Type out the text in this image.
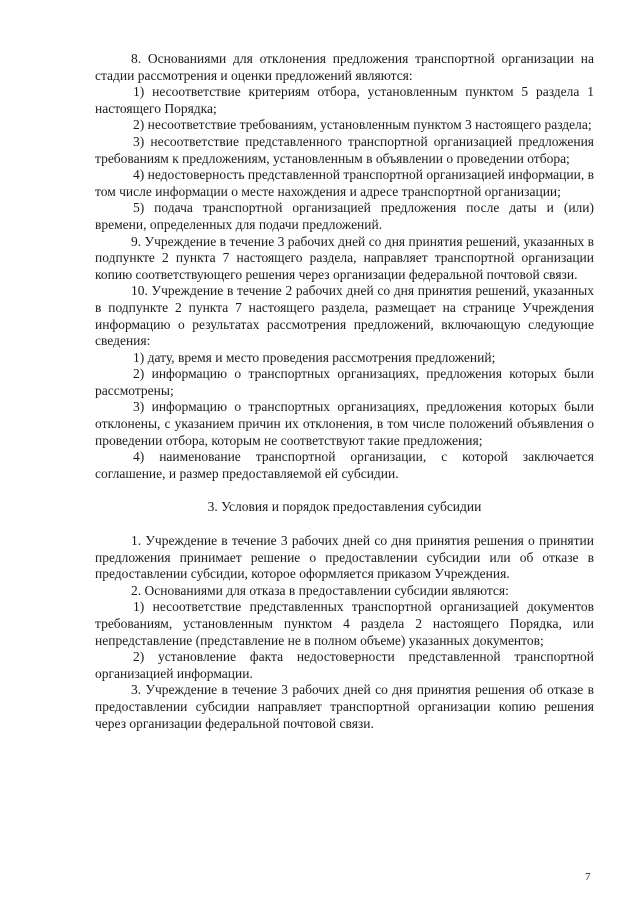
8. Основаниями для отклонения предложения транспортной организации на стадии рассмотрения и оценки предложений являются:

1) несоответствие критериям отбора, установленным пунктом 5 раздела 1 настоящего Порядка;

2) несоответствие требованиям, установленным пунктом 3 настоящего раздела;

3) несоответствие представленного транспортной организацией предложения требованиям к предложениям, установленным в объявлении о проведении отбора;

4) недостоверность представленной транспортной организацией информации, в том числе информации о месте нахождения и адресе транспортной организации;

5) подача транспортной организацией предложения после даты и (или) времени, определенных для подачи предложений.

9. Учреждение в течение 3 рабочих дней со дня принятия решений, указанных в подпункте 2 пункта 7 настоящего раздела, направляет транспортной организации копию соответствующего решения через организации федеральной почтовой связи.

10. Учреждение в течение 2 рабочих дней со дня принятия решений, указанных в подпункте 2 пункта 7 настоящего раздела, размещает на странице Учреждения информацию о результатах рассмотрения предложений, включающую следующие сведения:

1) дату, время и место проведения рассмотрения предложений;

2) информацию о транспортных организациях, предложения которых были рассмотрены;

3) информацию о транспортных организациях, предложения которых были отклонены, с указанием причин их отклонения, в том числе положений объявления о проведении отбора, которым не соответствуют такие предложения;

4) наименование транспортной организации, с которой заключается соглашение, и размер предоставляемой ей субсидии.

3. Условия и порядок предоставления субсидии

1. Учреждение в течение 3 рабочих дней со дня принятия решения о принятии предложения принимает решение о предоставлении субсидии или об отказе в предоставлении субсидии, которое оформляется приказом Учреждения.

2. Основаниями для отказа в предоставлении субсидии являются:

1) несоответствие представленных транспортной организацией документов требованиям, установленным пунктом 4 раздела 2 настоящего Порядка, или непредставление (представление не в полном объеме) указанных документов;

2) установление факта недостоверности представленной транспортной организацией информации.

3. Учреждение в течение 3 рабочих дней со дня принятия решения об отказе в предоставлении субсидии направляет транспортной организации копию решения через организации федеральной почтовой связи.

7
